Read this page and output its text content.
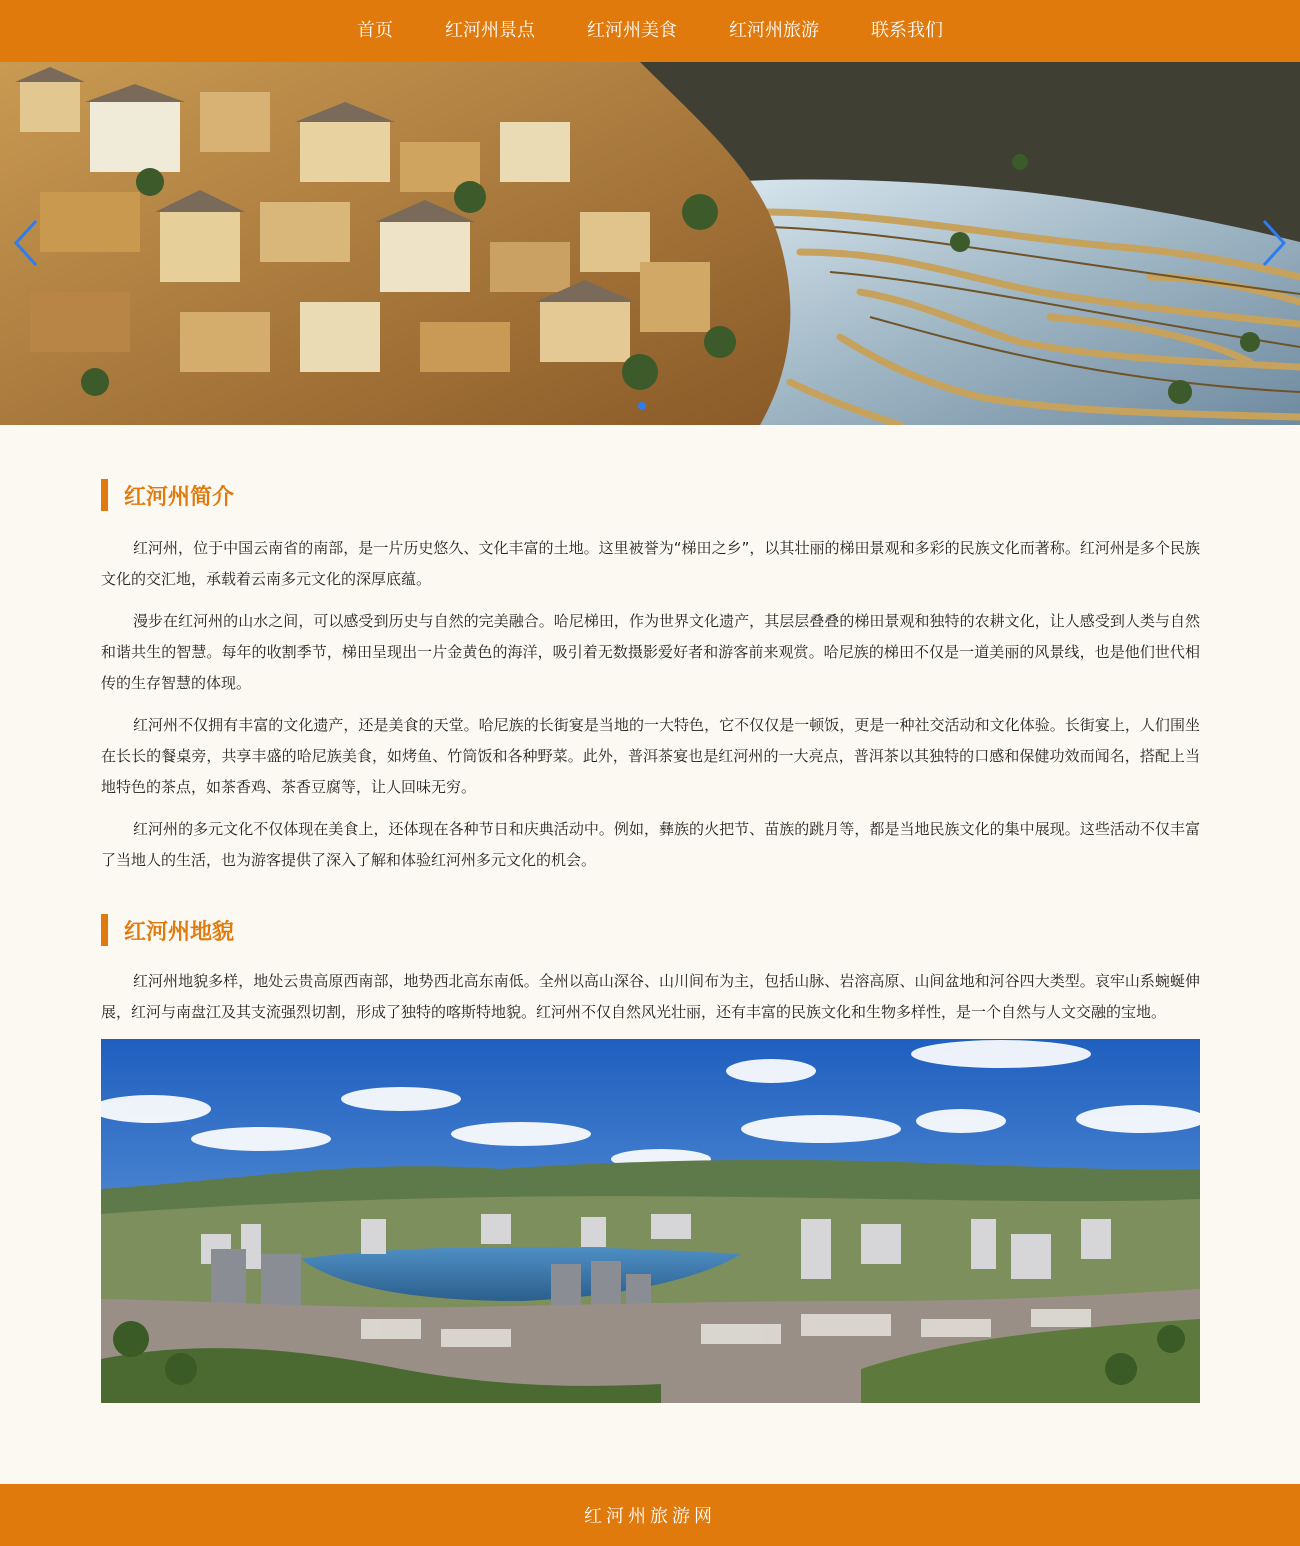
首页	红河州景点	红河州美食	红河州旅游	联系我们
红河州简介

红河州，位于中国云南省的南部，是一片历史悠久、文化丰富的土地。这里被誉为“梯田之乡”，以其壮丽的梯田景观和多彩的民族文化而著称。红河州是多个民族文化的交汇地，承载着云南多元文化的深厚底蕴。

漫步在红河州的山水之间，可以感受到历史与自然的完美融合。哈尼梯田，作为世界文化遗产，其层层叠叠的梯田景观和独特的农耕文化，让人感受到人类与自然和谐共生的智慧。每年的收割季节，梯田呈现出一片金黄色的海洋，吸引着无数摄影爱好者和游客前来观赏。哈尼族的梯田不仅是一道美丽的风景线，也是他们世代相传的生存智慧的体现。

红河州不仅拥有丰富的文化遗产，还是美食的天堂。哈尼族的长街宴是当地的一大特色，它不仅仅是一顿饭，更是一种社交活动和文化体验。长街宴上，人们围坐在长长的餐桌旁，共享丰盛的哈尼族美食，如烤鱼、竹筒饭和各种野菜。此外，普洱茶宴也是红河州的一大亮点，普洱茶以其独特的口感和保健功效而闻名，搭配上当地特色的茶点，如茶香鸡、茶香豆腐等，让人回味无穷。

红河州的多元文化不仅体现在美食上，还体现在各种节日和庆典活动中。例如，彝族的火把节、苗族的跳月等，都是当地民族文化的集中展现。这些活动不仅丰富了当地人的生活，也为游客提供了深入了解和体验红河州多元文化的机会。

红河州地貌

红河州地貌多样，地处云贵高原西南部，地势西北高东南低。全州以高山深谷、山川间布为主，包括山脉、岩溶高原、山间盆地和河谷四大类型。哀牢山系蜿蜒伸展，红河与南盘江及其支流强烈切割，形成了独特的喀斯特地貌。红河州不仅自然风光壮丽，还有丰富的民族文化和生物多样性，是一个自然与人文交融的宝地。

红河州旅游网
